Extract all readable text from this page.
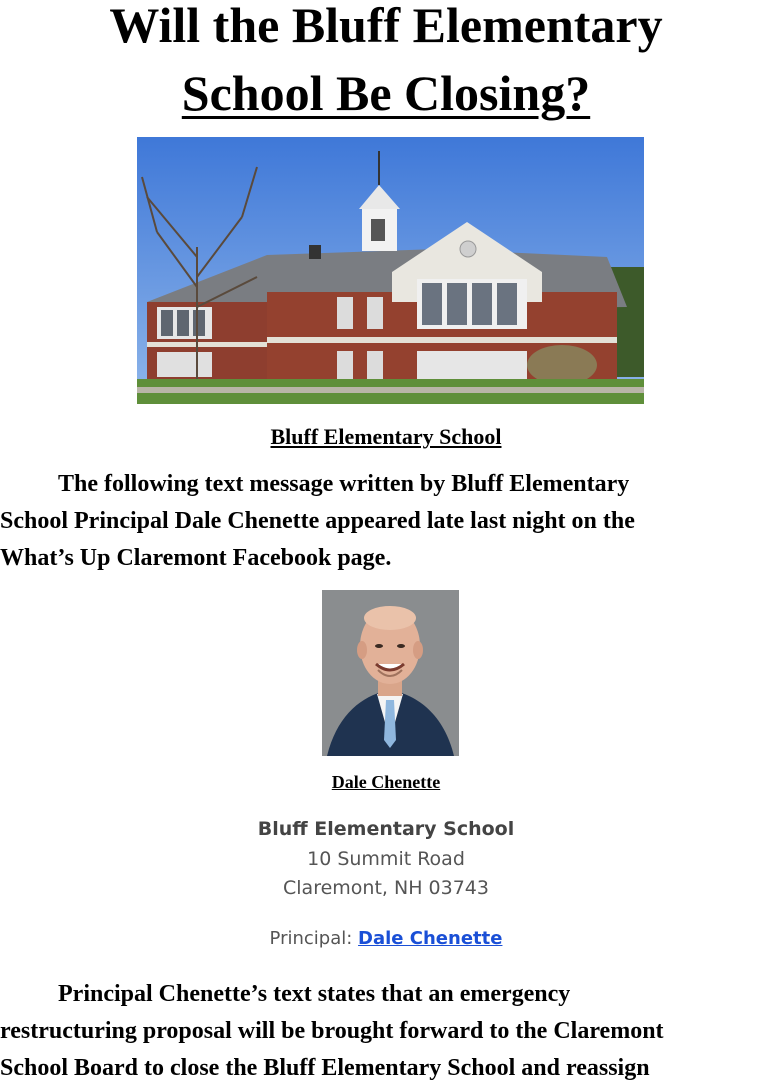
Will the Bluff Elementary
School Be Closing?
Bluff Elementary School
The following text message written by Bluff Elementary
School Principal Dale Chenette appeared late last night on the
What’s Up Claremont Facebook page.
Dale Chenette
Bluff Elementary School
10 Summit Road
Claremont, NH 03743
Principal: Dale Chenette
Principal Chenette’s text states that an emergency
restructuring proposal will be brought forward to the Claremont
School Board to close the Bluff Elementary School and reassign
